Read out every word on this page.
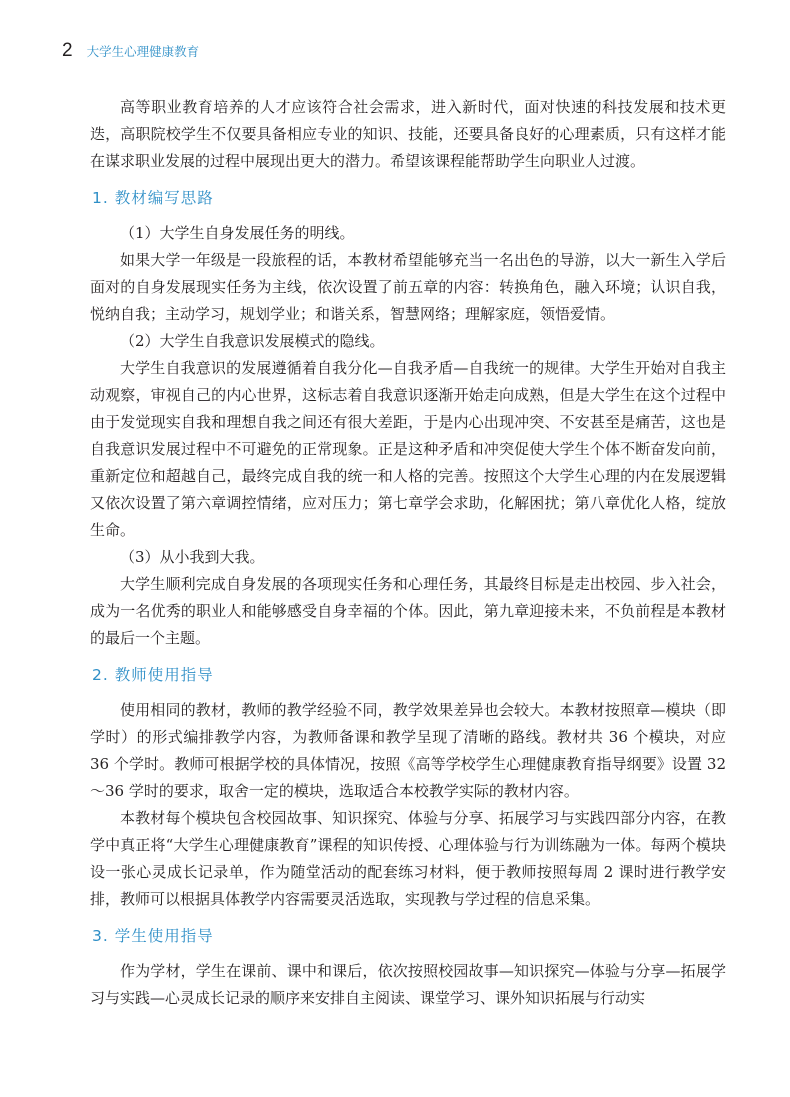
2 大学生心理健康教育

高等职业教育培养的人才应该符合社会需求，进入新时代，面对快速的科技发展和技术更迭，高职院校学生不仅要具备相应专业的知识、技能，还要具备良好的心理素质，只有这样才能在谋求职业发展的过程中展现出更大的潜力。希望该课程能帮助学生向职业人过渡。

1. 教材编写思路

（1）大学生自身发展任务的明线。

如果大学一年级是一段旅程的话，本教材希望能够充当一名出色的导游，以大一新生入学后面对的自身发展现实任务为主线，依次设置了前五章的内容：转换角色，融入环境；认识自我，悦纳自我；主动学习，规划学业；和谐关系，智慧网络；理解家庭，领悟爱情。

（2）大学生自我意识发展模式的隐线。

大学生自我意识的发展遵循着自我分化—自我矛盾—自我统一的规律。大学生开始对自我主动观察，审视自己的内心世界，这标志着自我意识逐渐开始走向成熟，但是大学生在这个过程中由于发觉现实自我和理想自我之间还有很大差距，于是内心出现冲突、不安甚至是痛苦，这也是自我意识发展过程中不可避免的正常现象。正是这种矛盾和冲突促使大学生个体不断奋发向前，重新定位和超越自己，最终完成自我的统一和人格的完善。按照这个大学生心理的内在发展逻辑又依次设置了第六章调控情绪，应对压力；第七章学会求助，化解困扰；第八章优化人格，绽放生命。

（3）从小我到大我。

大学生顺利完成自身发展的各项现实任务和心理任务，其最终目标是走出校园、步入社会，成为一名优秀的职业人和能够感受自身幸福的个体。因此，第九章迎接未来，不负前程是本教材的最后一个主题。

2. 教师使用指导

使用相同的教材，教师的教学经验不同，教学效果差异也会较大。本教材按照章—模块（即学时）的形式编排教学内容，为教师备课和教学呈现了清晰的路线。教材共 36 个模块，对应 36 个学时。教师可根据学校的具体情况，按照《高等学校学生心理健康教育指导纲要》设置 32～36 学时的要求，取舍一定的模块，选取适合本校教学实际的教材内容。

本教材每个模块包含校园故事、知识探究、体验与分享、拓展学习与实践四部分内容，在教学中真正将“大学生心理健康教育”课程的知识传授、心理体验与行为训练融为一体。每两个模块设一张心灵成长记录单，作为随堂活动的配套练习材料，便于教师按照每周 2 课时进行教学安排，教师可以根据具体教学内容需要灵活选取，实现教与学过程的信息采集。

3. 学生使用指导

作为学材，学生在课前、课中和课后，依次按照校园故事—知识探究—体验与分享—拓展学习与实践—心灵成长记录的顺序来安排自主阅读、课堂学习、课外知识拓展与行动实
